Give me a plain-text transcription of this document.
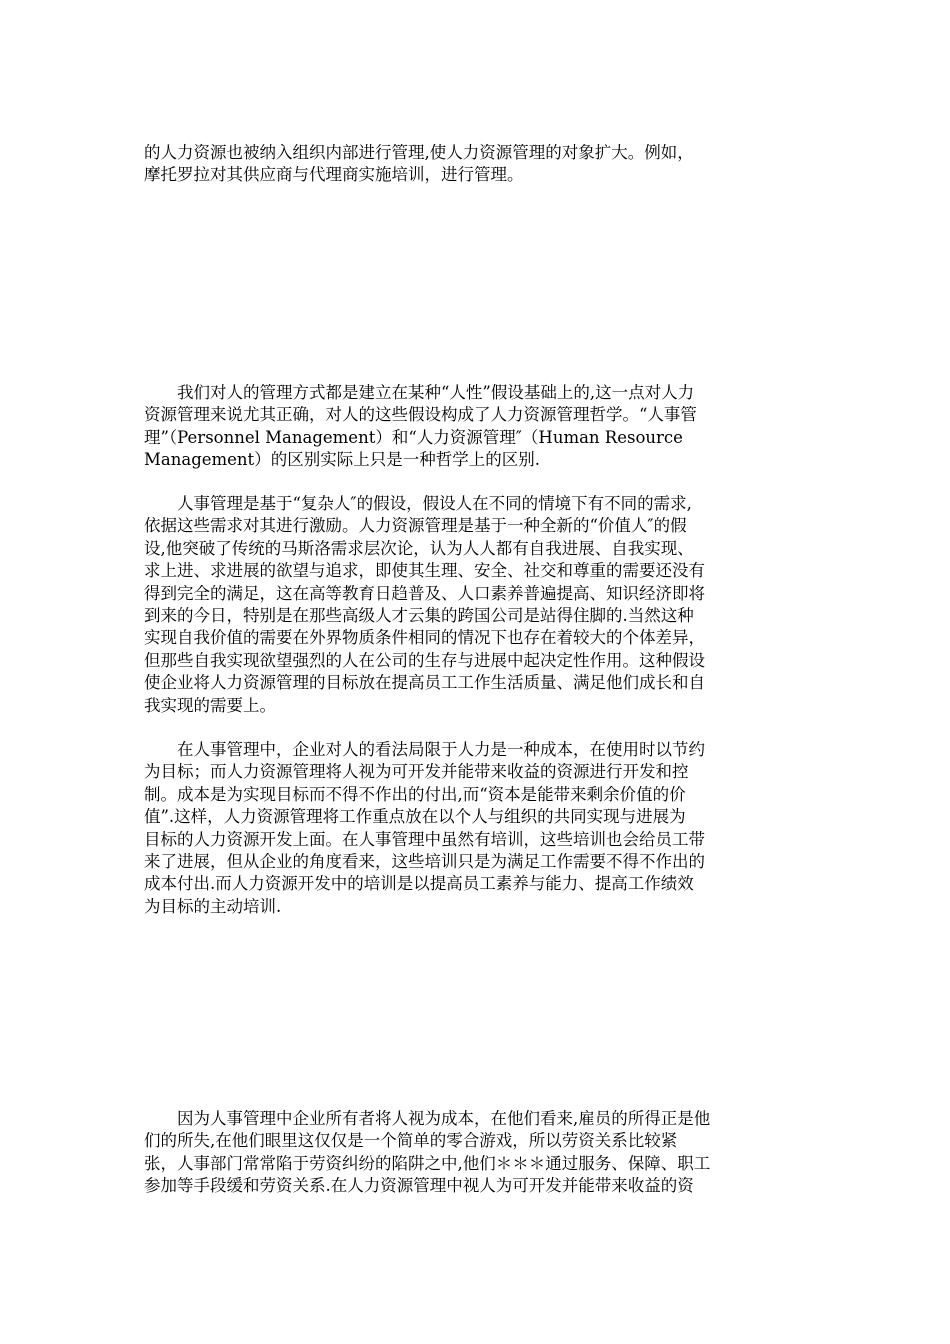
的人力资源也被纳入组织内部进行管理,使人力资源管理的对象扩大。例如，
摩托罗拉对其供应商与代理商实施培训，进行管理。

　　我们对人的管理方式都是建立在某种“人性”假设基础上的,这一点对人力
资源管理来说尤其正确，对人的这些假设构成了人力资源管理哲学。“人事管
理”（Personnel Management）和“人力资源管理″（Human Resource
Management）的区别实际上只是一种哲学上的区别.

　　人事管理是基于“复杂人″的假设，假设人在不同的情境下有不同的需求,
依据这些需求对其进行激励。人力资源管理是基于一种全新的“价值人″的假
设,他突破了传统的马斯洛需求层次论，认为人人都有自我进展、自我实现、
求上进、求进展的欲望与追求，即使其生理、安全、社交和尊重的需要还没有
得到完全的满足，这在高等教育日趋普及、人口素养普遍提高、知识经济即将
到来的今日，特别是在那些高级人才云集的跨国公司是站得住脚的.当然这种
实现自我价值的需要在外界物质条件相同的情况下也存在着较大的个体差异，
但那些自我实现欲望强烈的人在公司的生存与进展中起决定性作用。这种假设
使企业将人力资源管理的目标放在提高员工工作生活质量、满足他们成长和自
我实现的需要上。

　　在人事管理中，企业对人的看法局限于人力是一种成本，在使用时以节约
为目标；而人力资源管理将人视为可开发并能带来收益的资源进行开发和控
制。成本是为实现目标而不得不作出的付出,而“资本是能带来剩余价值的价
值”.这样，人力资源管理将工作重点放在以个人与组织的共同实现与进展为
目标的人力资源开发上面。在人事管理中虽然有培训，这些培训也会给员工带
来了进展，但从企业的角度看来，这些培训只是为满足工作需要不得不作出的
成本付出.而人力资源开发中的培训是以提高员工素养与能力、提高工作绩效
为目标的主动培训.

　　因为人事管理中企业所有者将人视为成本，在他们看来,雇员的所得正是他
们的所失,在他们眼里这仅仅是一个简单的零合游戏，所以劳资关系比较紧
张，人事部门常常陷于劳资纠纷的陷阱之中,他们＊＊＊通过服务、保障、职工
参加等手段缓和劳资关系.在人力资源管理中视人为可开发并能带来收益的资
